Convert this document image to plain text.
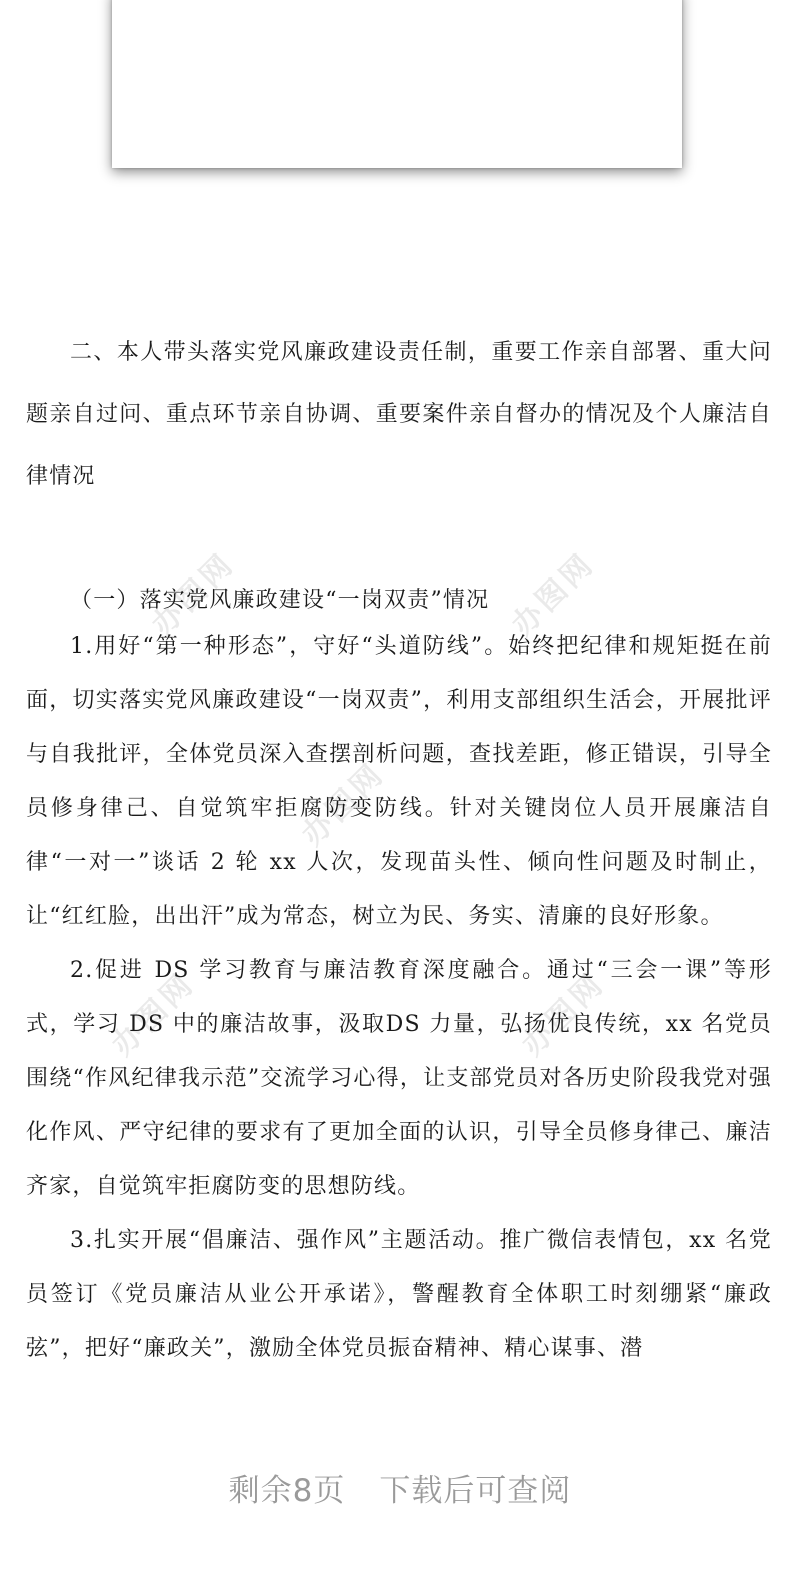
办图网	办图网
办图网
办图网	办图网

二、本人带头落实党风廉政建设责任制，重要工作亲自部署、重大问题亲自过问、重点环节亲自协调、重要案件亲自督办的情况及个人廉洁自律情况

（一）落实党风廉政建设“一岗双责”情况

1.用好“第一种形态”，守好“头道防线”。始终把纪律和规矩挺在前面，切实落实党风廉政建设“一岗双责”，利用支部组织生活会，开展批评与自我批评，全体党员深入查摆剖析问题，查找差距，修正错误，引导全员修身律己、自觉筑牢拒腐防变防线。针对关键岗位人员开展廉洁自律“一对一”谈话 2 轮 xx 人次，发现苗头性、倾向性问题及时制止，让“红红脸，出出汗”成为常态，树立为民、务实、清廉的良好形象。

2.促进 DS 学习教育与廉洁教育深度融合。通过“三会一课”等形式，学习 DS 中的廉洁故事，汲取DS 力量，弘扬优良传统，xx 名党员围绕“作风纪律我示范”交流学习心得，让支部党员对各历史阶段我党对强化作风、严守纪律的要求有了更加全面的认识，引导全员修身律己、廉洁齐家，自觉筑牢拒腐防变的思想防线。

3.扎实开展“倡廉洁、强作风”主题活动。推广微信表情包，xx 名党员签订《党员廉洁从业公开承诺》，警醒教育全体职工时刻绷紧“廉政弦”，把好“廉政关”，激励全体党员振奋精神、精心谋事、潜

剩余8页 下载后可查阅
